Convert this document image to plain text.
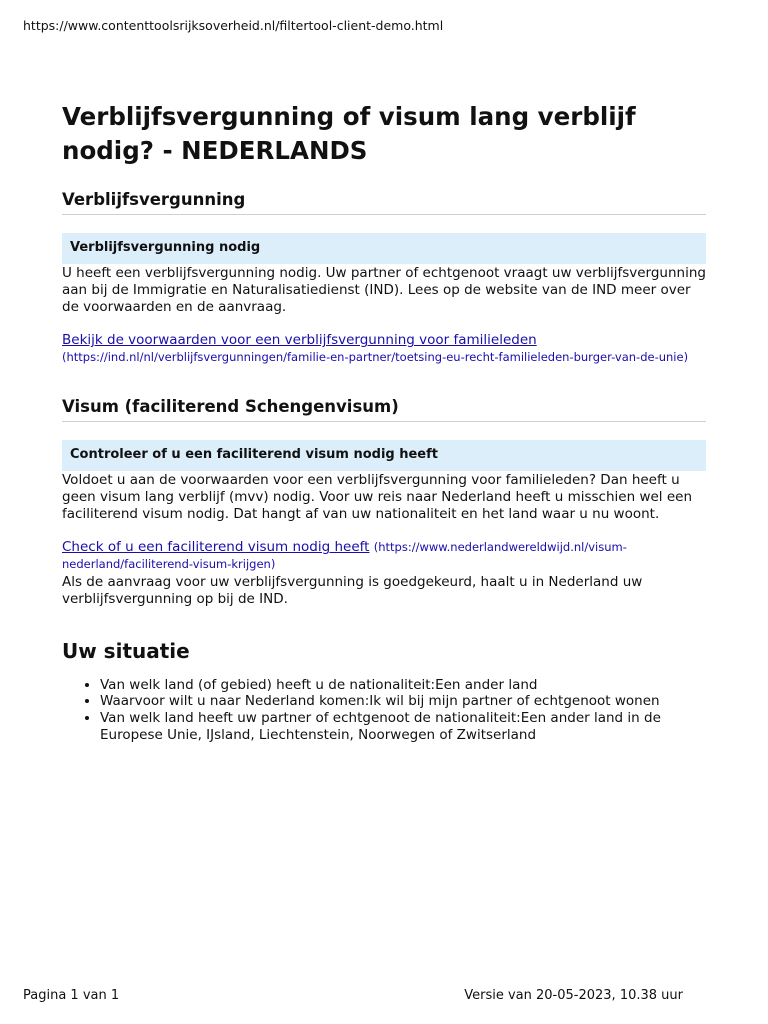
https://www.contenttoolsrijksoverheid.nl/filtertool-client-demo.html
Verblijfsvergunning of visum lang verblijf nodig? - NEDERLANDS
Verblijfsvergunning
Verblijfsvergunning nodig

U heeft een verblijfsvergunning nodig. Uw partner of echtgenoot vraagt uw verblijfsvergunning aan bij de Immigratie en Naturalisatiedienst (IND). Lees op de website van de IND meer over de voorwaarden en de aanvraag.

Bekijk de voorwaarden voor een verblijfsvergunning voor familieleden (https://ind.nl/nl/verblijfsvergunningen/familie-en-partner/toetsing-eu-recht-familieleden-burger-van-de-unie)
Visum (faciliterend Schengenvisum)
Controleer of u een faciliterend visum nodig heeft

Voldoet u aan de voorwaarden voor een verblijfsvergunning voor familieleden? Dan heeft u geen visum lang verblijf (mvv) nodig. Voor uw reis naar Nederland heeft u misschien wel een faciliterend visum nodig. Dat hangt af van uw nationaliteit en het land waar u nu woont.

Check of u een faciliterend visum nodig heeft (https://www.nederlandwereldwijd.nl/visum-nederland/faciliterend-visum-krijgen)

Als de aanvraag voor uw verblijfsvergunning is goedgekeurd, haalt u in Nederland uw verblijfsvergunning op bij de IND.

Uw situatie
• Van welk land (of gebied) heeft u de nationaliteit:Een ander land
• Waarvoor wilt u naar Nederland komen:Ik wil bij mijn partner of echtgenoot wonen
• Van welk land heeft uw partner of echtgenoot de nationaliteit:Een ander land in de Europese Unie, IJsland, Liechtenstein, Noorwegen of Zwitserland
Pagina 1 van 1	Versie van 20-05-2023, 10.38 uur
